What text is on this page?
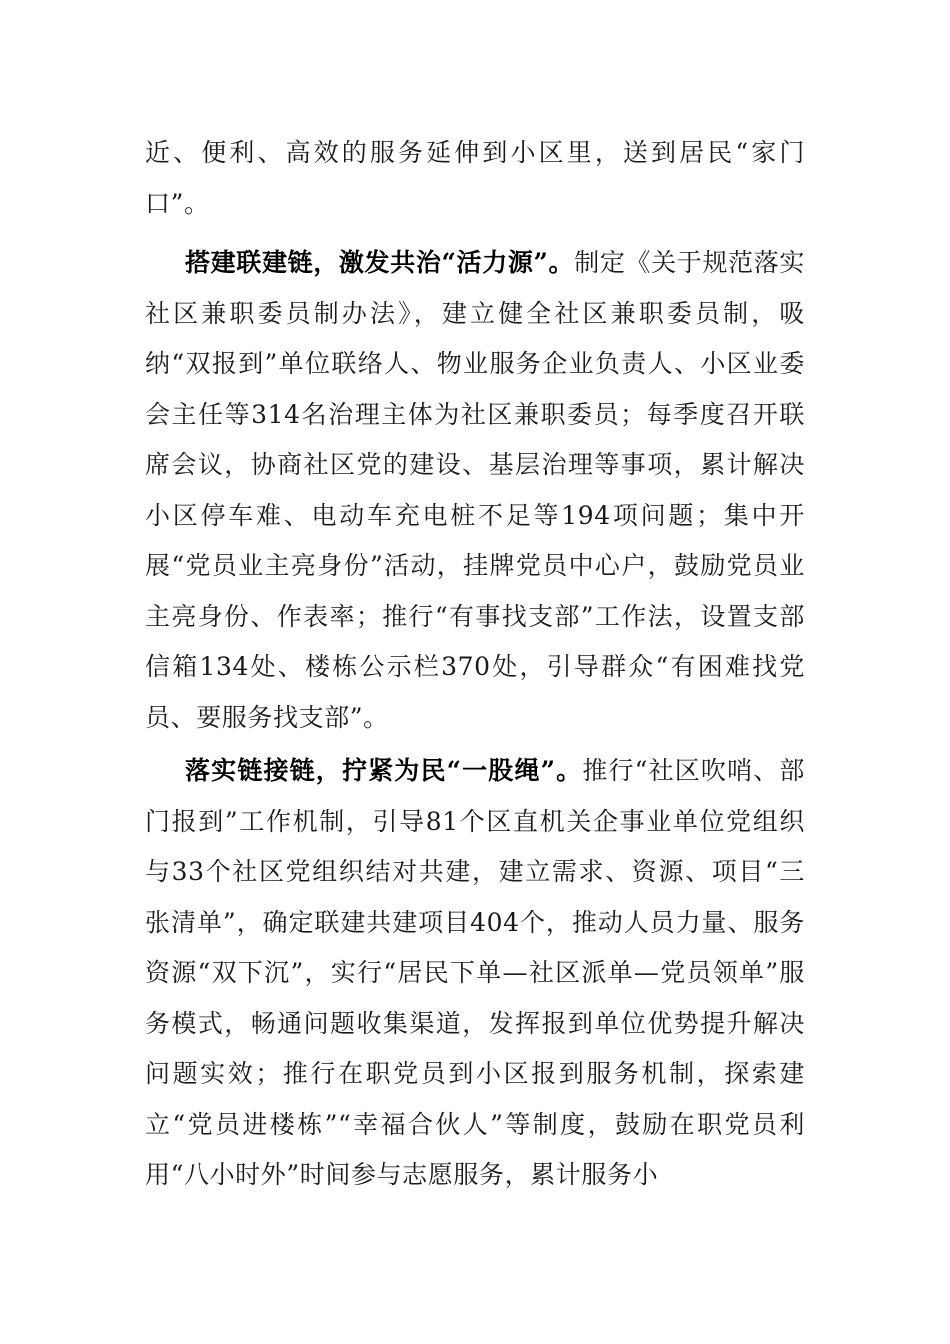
近、便利、高效的服务延伸到小区里，送到居民“家门口”。

搭建联建链，激发共治“活力源”。制定《关于规范落实社区兼职委员制办法》，建立健全社区兼职委员制，吸纳“双报到”单位联络人、物业服务企业负责人、小区业委会主任等314名治理主体为社区兼职委员；每季度召开联席会议，协商社区党的建设、基层治理等事项，累计解决小区停车难、电动车充电桩不足等194项问题；集中开展“党员业主亮身份”活动，挂牌党员中心户，鼓励党员业主亮身份、作表率；推行“有事找支部”工作法，设置支部信箱134处、楼栋公示栏370处，引导群众“有困难找党员、要服务找支部”。

落实链接链，拧紧为民“一股绳”。推行“社区吹哨、部门报到”工作机制，引导81个区直机关企事业单位党组织与33个社区党组织结对共建，建立需求、资源、项目“三张清单”，确定联建共建项目404个，推动人员力量、服务资源“双下沉”，实行“居民下单—社区派单—党员领单”服务模式，畅通问题收集渠道，发挥报到单位优势提升解决问题实效；推行在职党员到小区报到服务机制，探索建立“党员进楼栋”“幸福合伙人”等制度，鼓励在职党员利用“八小时外”时间参与志愿服务，累计服务小
